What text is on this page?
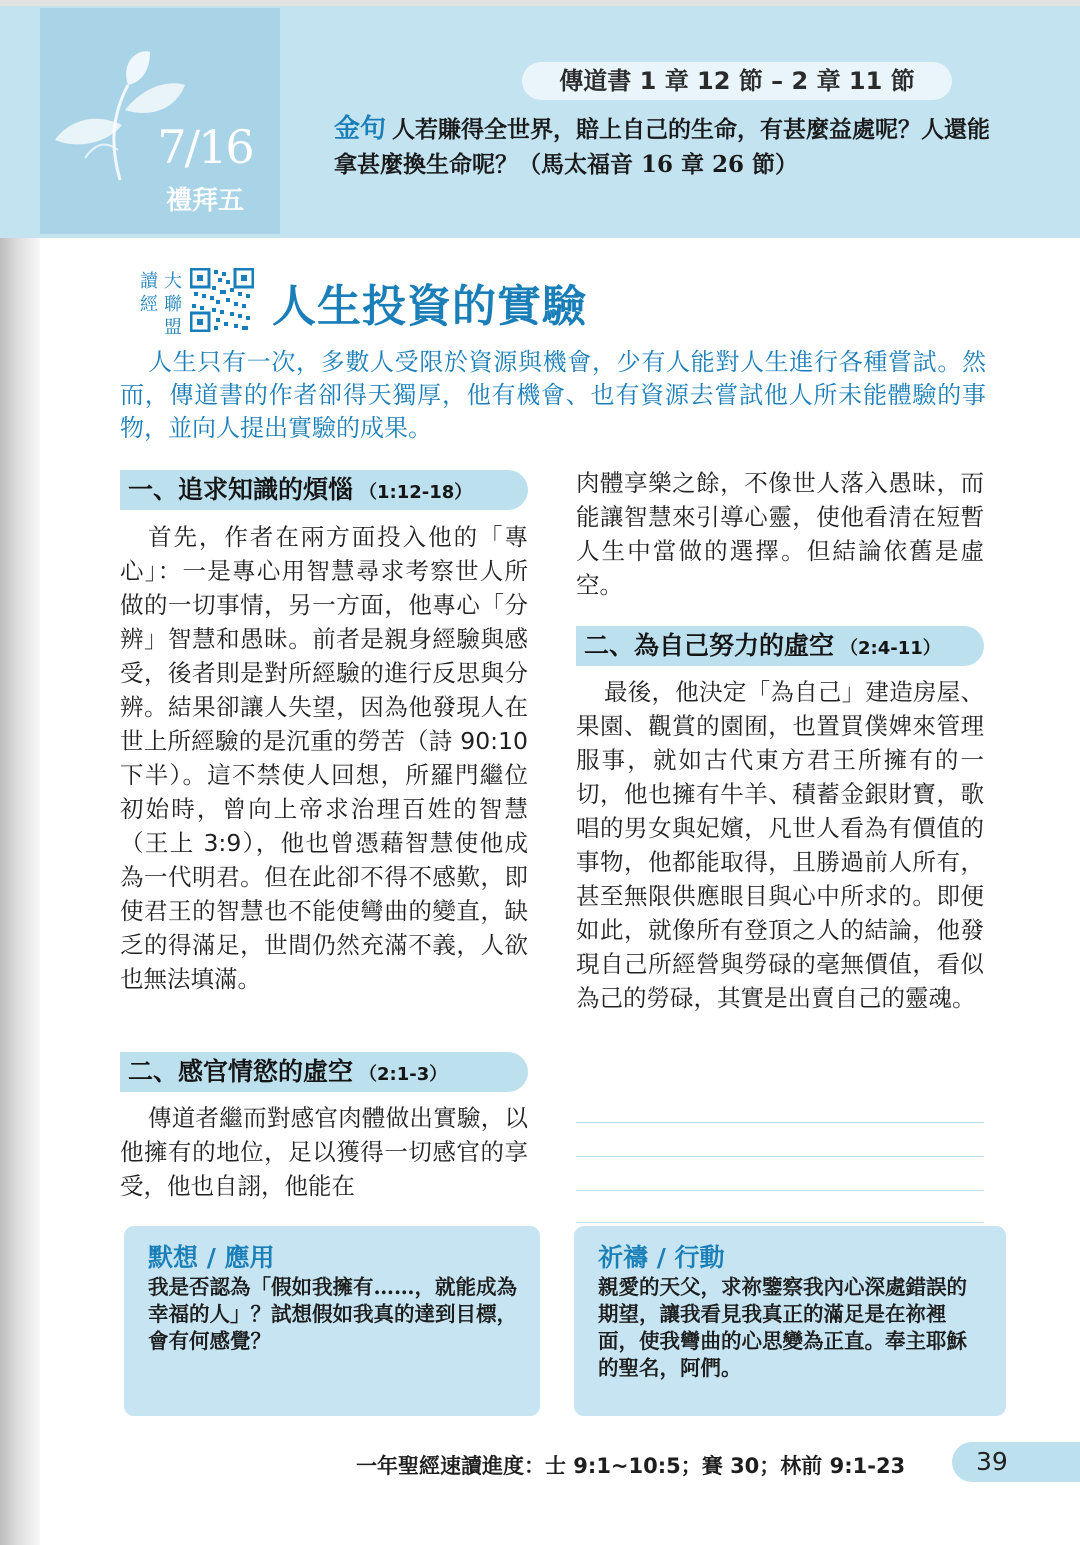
7/16
禮拜五
傳道書 1 章 12 節 – 2 章 11 節
金句 人若賺得全世界，賠上自己的生命，有甚麼益處呢？人還能拿甚麼換生命呢？（馬太福音 16 章 26 節）
讀經
大聯盟 人生投資的實驗
人生只有一次，多數人受限於資源與機會，少有人能對人生進行各種嘗試。然而，傳道書的作者卻得天獨厚，他有機會、也有資源去嘗試他人所未能體驗的事物，並向人提出實驗的成果。
一、追求知識的煩惱 （1:12-18）
首先，作者在兩方面投入他的「專心」：一是專心用智慧尋求考察世人所做的一切事情，另一方面，他專心「分辨」智慧和愚昧。前者是親身經驗與感受，後者則是對所經驗的進行反思與分辨。結果卻讓人失望，因為他發現人在世上所經驗的是沉重的勞苦（詩 90:10 下半）。這不禁使人回想，所羅門繼位初始時，曾向上帝求治理百姓的智慧（王上 3:9），他也曾憑藉智慧使他成為一代明君。但在此卻不得不感歎，即使君王的智慧也不能使彎曲的變直，缺乏的得滿足，世間仍然充滿不義，人欲也無法填滿。
二、感官情慾的虛空 （2:1-3）
傳道者繼而對感官肉體做出實驗，以他擁有的地位，足以獲得一切感官的享受，他也自詡，他能在
肉體享樂之餘，不像世人落入愚昧，而能讓智慧來引導心靈，使他看清在短暫人生中當做的選擇。但結論依舊是虛空。
二、為自己努力的虛空 （2:4-11）
最後，他決定「為自己」建造房屋、果園、觀賞的園囿，也置買僕婢來管理服事，就如古代東方君王所擁有的一切，他也擁有牛羊、積蓄金銀財寶，歌唱的男女與妃嬪，凡世人看為有價值的事物，他都能取得，且勝過前人所有，甚至無限供應眼目與心中所求的。即便如此，就像所有登頂之人的結論，他發現自己所經營與勞碌的毫無價值，看似為己的勞碌，其實是出賣自己的靈魂。
默想 / 應用
我是否認為「假如我擁有……，就能成為幸福的人」？試想假如我真的達到目標，會有何感覺？
祈禱 / 行動
親愛的天父，求祢鑒察我內心深處錯誤的期望，讓我看見我真正的滿足是在祢裡面，使我彎曲的心思變為正直。奉主耶穌的聖名，阿們。
一年聖經速讀進度：士 9:1~10:5；賽 30；林前 9:1-23	39
